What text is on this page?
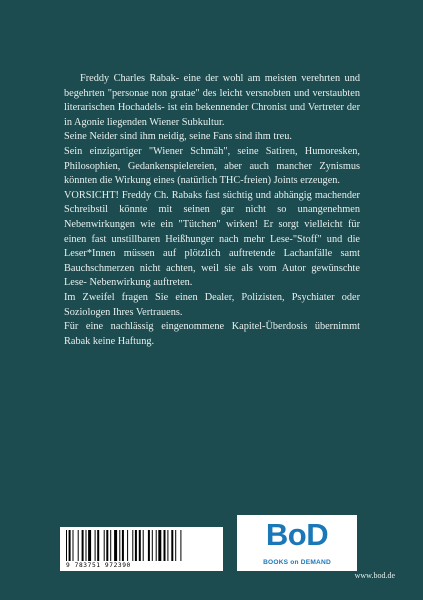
Freddy Charles Rabak- eine der wohl am meisten verehrten und begehrten "personae non gratae" des leicht versnobten und verstaubten literarischen Hochadels- ist ein bekennender Chronist und Vertreter der in Agonie liegenden Wiener Subkultur.

Seine Neider sind ihm neidig, seine Fans sind ihm treu.

Sein einzigartiger "Wiener Schmäh", seine Satiren, Humoresken, Philosophien, Gedankenspielereien, aber auch mancher Zynismus könnten die Wirkung eines (natürlich THC-freien) Joints erzeugen.

VORSICHT! Freddy Ch. Rabaks fast süchtig und abhängig machender Schreibstil könnte mit seinen gar nicht so unangenehmen Nebenwirkungen wie ein "Tütchen" wirken! Er sorgt vielleicht für einen fast unstillbaren Heißhunger nach mehr Lese-"Stoff" und die Leser*Innen müssen auf plötzlich auftretende Lachanfälle samt Bauchschmerzen nicht achten, weil sie als vom Autor gewünschte Lese- Nebenwirkung auftreten.

Im Zweifel fragen Sie einen Dealer, Polizisten, Psychiater oder Soziologen Ihres Vertrauens.

Für eine nachlässig eingenommene Kapitel-Überdosis übernimmt Rabak keine Haftung.

9 783751 972390
BoD
BOOKS on DEMAND
www.bod.de
